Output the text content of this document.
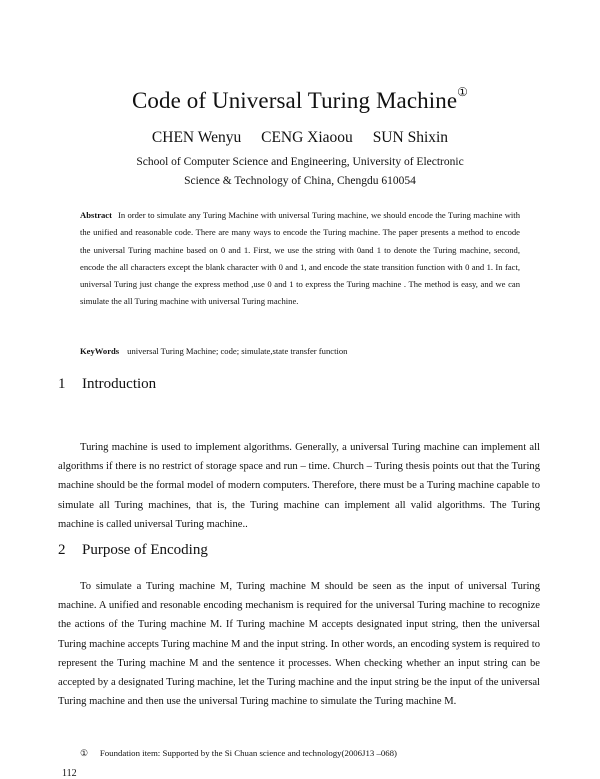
Code of Universal Turing Machine①
CHEN Wenyu CENG Xiaoou SUN Shixin
School of Computer Science and Engineering, University of Electronic
Science & Technology of China, Chengdu 610054
Abstract In order to simulate any Turing Machine with universal Turing machine, we should encode the Turing machine with the unified and reasonable code. There are many ways to encode the Turing machine. The paper presents a method to encode the universal Turing machine based on 0 and 1. First, we use the string with 0and 1 to denote the Turing machine, second, encode the all characters except the blank character with 0 and 1, and encode the state transition function with 0 and 1. In fact, universal Turing just change the express method ,use 0 and 1 to express the Turing machine . The method is easy, and we can simulate the all Turing machine with universal Turing machine.
KeyWords universal Turing Machine; code; simulate,state transfer function
1 Introduction

Turing machine is used to implement algorithms. Generally, a universal Turing machine can implement all algorithms if there is no restrict of storage space and run – time. Church – Turing thesis points out that the Turing machine should be the formal model of modern computers. Therefore, there must be a Turing machine capable to simulate all Turing machines, that is, the Turing machine can implement all valid algorithms. The Turing machine is called universal Turing machine..

2 Purpose of Encoding

To simulate a Turing machine M, Turing machine M should be seen as the input of universal Turing machine. A unified and resonable encoding mechanism is required for the universal Turing machine to recognize the actions of the Turing machine M. If Turing machine M accepts designated input string, then the universal Turing machine accepts Turing machine M and the input string. In other words, an encoding system is required to represent the Turing machine M and the sentence it processes. When checking whether an input string can be accepted by a designated Turing machine, let the Turing machine and the input string be the input of the universal Turing machine and then use the universal Turing machine to simulate the Turing machine M.

① Foundation item: Supported by the Si Chuan science and technology(2006J13 –068)
112
